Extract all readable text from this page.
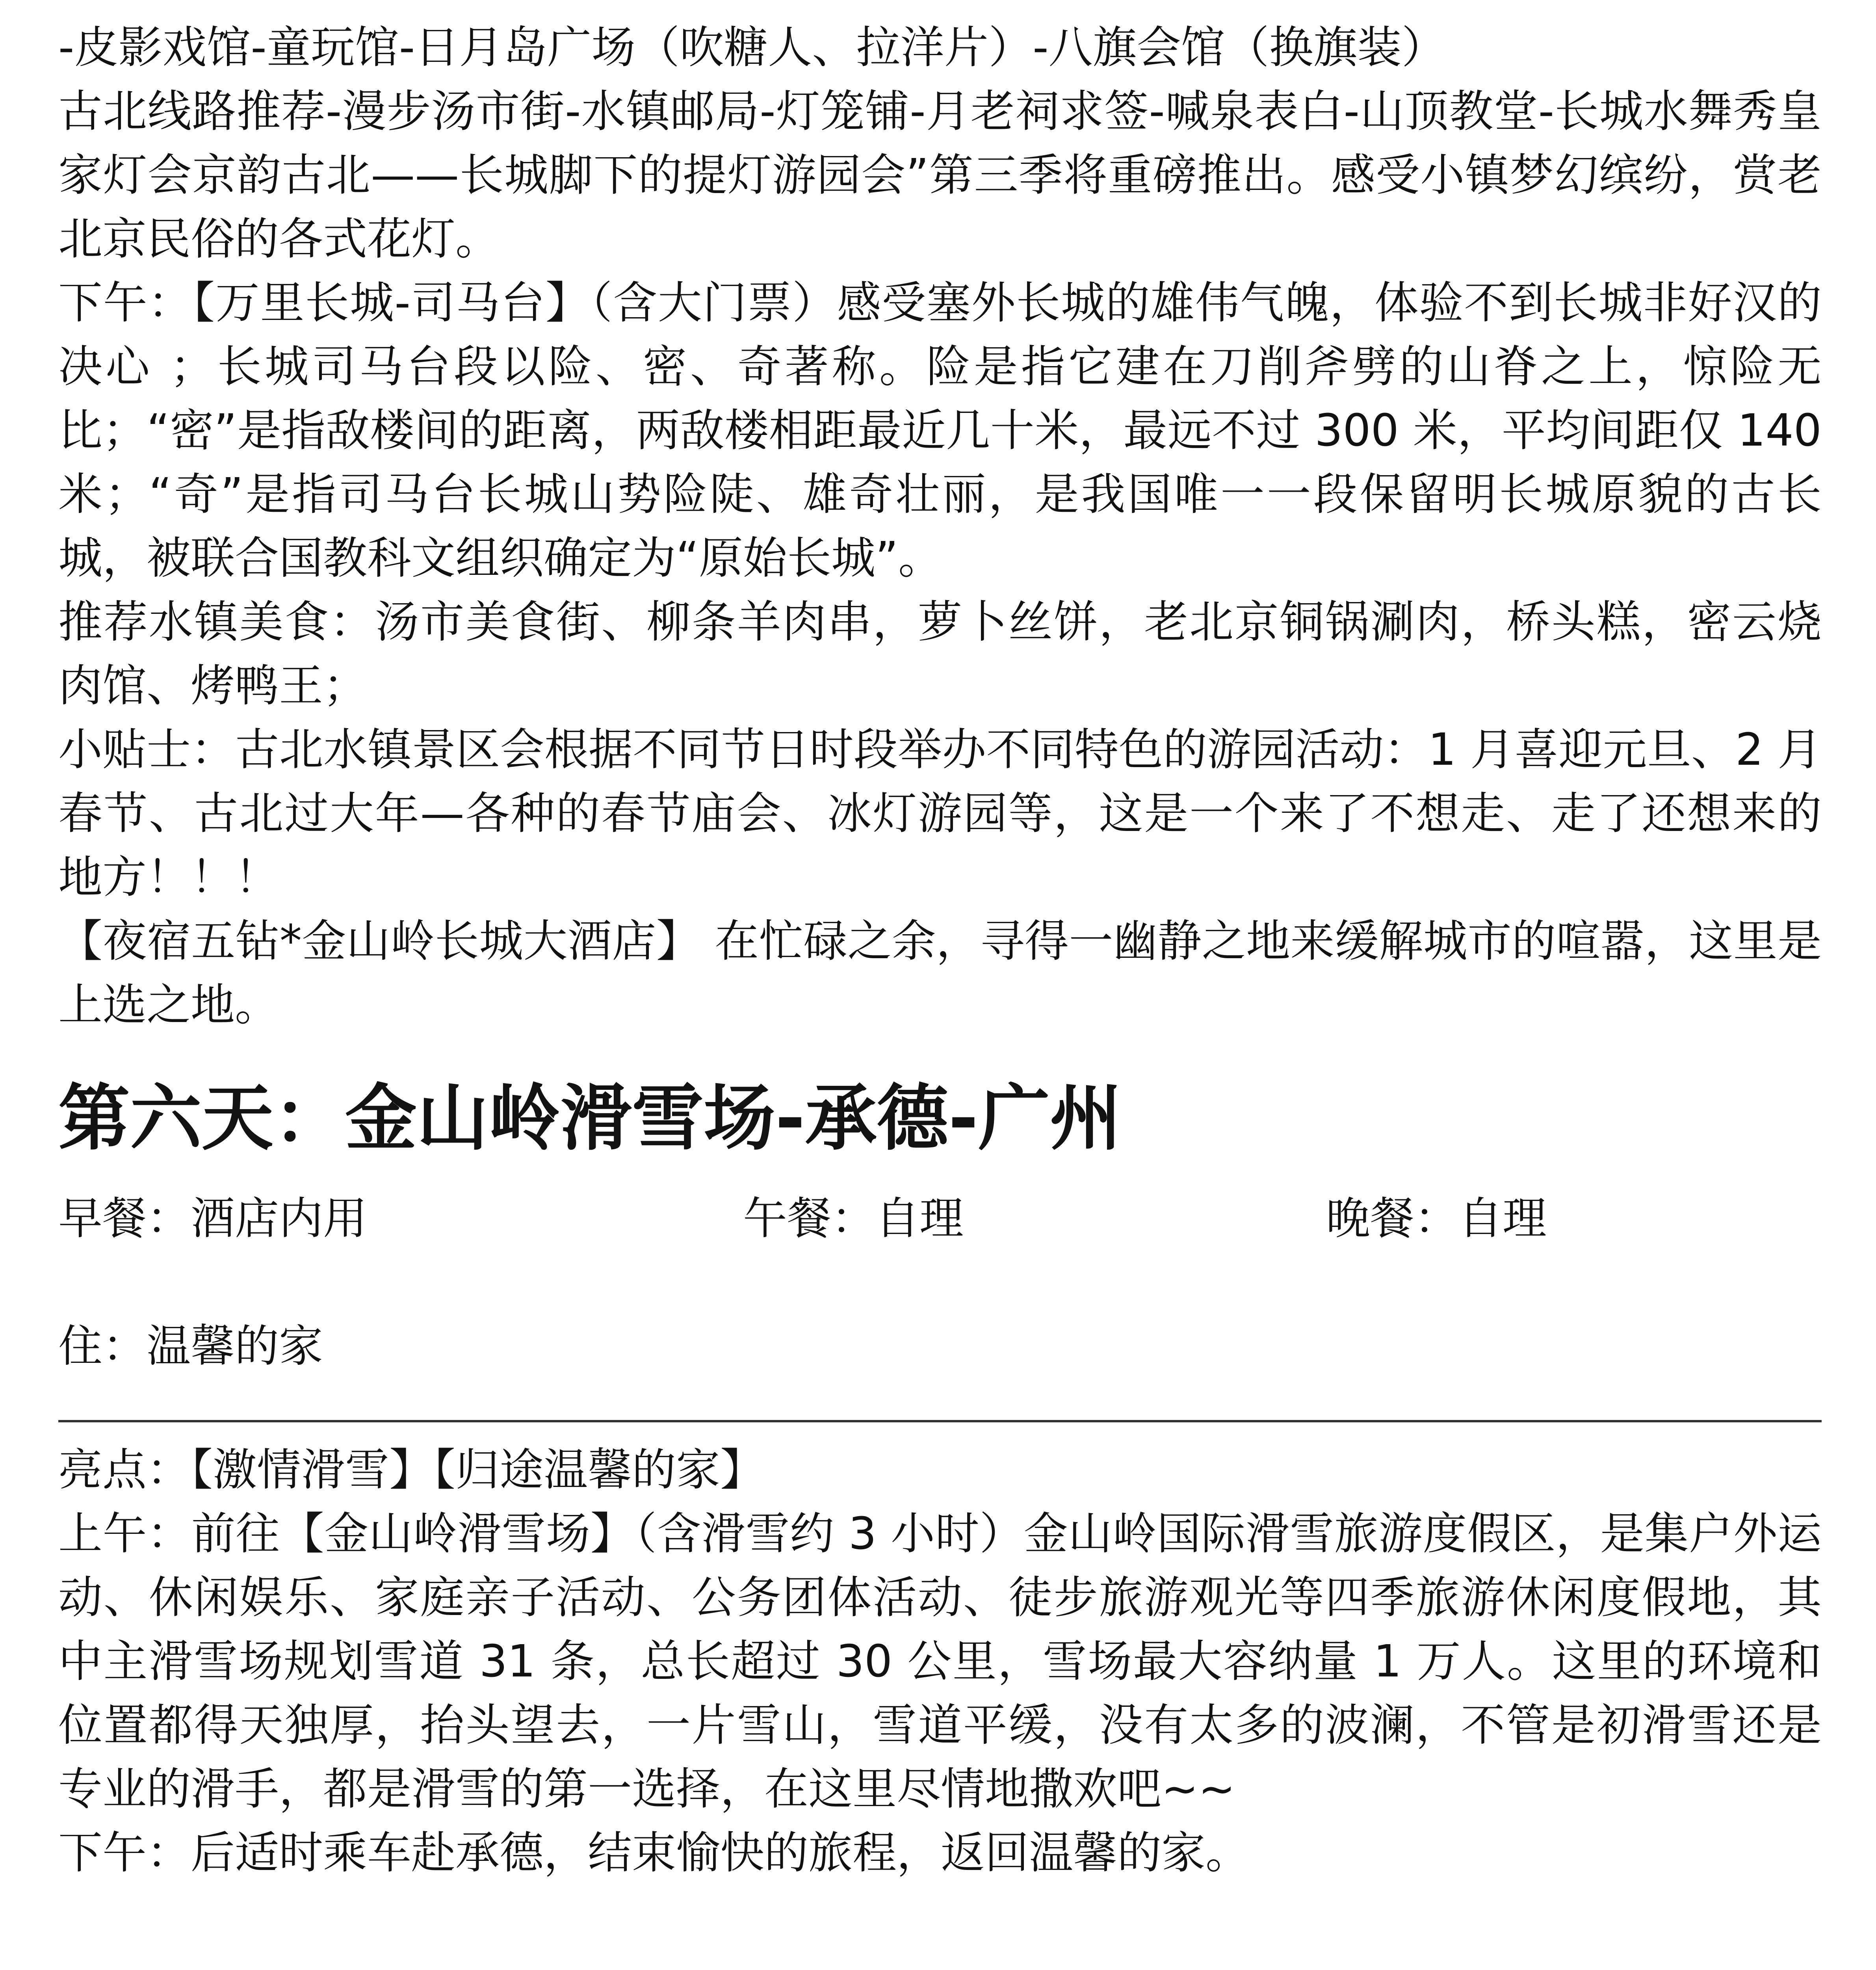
-皮影戏馆-童玩馆-日月岛广场（吹糖人、拉洋片）-八旗会馆（换旗装）

古北线路推荐-漫步汤市街-水镇邮局-灯笼铺-月老祠求签-喊泉表白-山顶教堂-长城水舞秀皇家灯会京韵古北——长城脚下的提灯游园会”第三季将重磅推出。感受小镇梦幻缤纷，赏老北京民俗的各式花灯。

下午：【万里长城-司马台】（含大门票）感受塞外长城的雄伟气魄，体验不到长城非好汉的决心 ；长城司马台段以险、密、奇著称。险是指它建在刀削斧劈的山脊之上，惊险无比；“密”是指敌楼间的距离，两敌楼相距最近几十米，最远不过 300 米，平均间距仅 140 米；“奇”是指司马台长城山势险陡、雄奇壮丽，是我国唯一一段保留明长城原貌的古长城，被联合国教科文组织确定为“原始长城”。

推荐水镇美食：汤市美食街、柳条羊肉串，萝卜丝饼，老北京铜锅涮肉，桥头糕，密云烧肉馆、烤鸭王；

小贴士：古北水镇景区会根据不同节日时段举办不同特色的游园活动：1 月喜迎元旦、2 月春节、古北过大年—各种的春节庙会、冰灯游园等，这是一个来了不想走、走了还想来的地方！！！

【夜宿五钻*金山岭长城大酒店】 在忙碌之余，寻得一幽静之地来缓解城市的喧嚣，这里是上选之地。

第六天：金山岭滑雪场-承德-广州
早餐：酒店内用	午餐：自理	晚餐：自理

住：温馨的家

亮点：【激情滑雪】【归途温馨的家】

上午：前往【金山岭滑雪场】（含滑雪约 3 小时）金山岭国际滑雪旅游度假区，是集户外运动、休闲娱乐、家庭亲子活动、公务团体活动、徒步旅游观光等四季旅游休闲度假地，其中主滑雪场规划雪道 31 条，总长超过 30 公里，雪场最大容纳量 1 万人。这里的环境和位置都得天独厚，抬头望去，一片雪山，雪道平缓，没有太多的波澜，不管是初滑雪还是专业的滑手，都是滑雪的第一选择，在这里尽情地撒欢吧~~

下午：后适时乘车赴承德，结束愉快的旅程，返回温馨的家。
